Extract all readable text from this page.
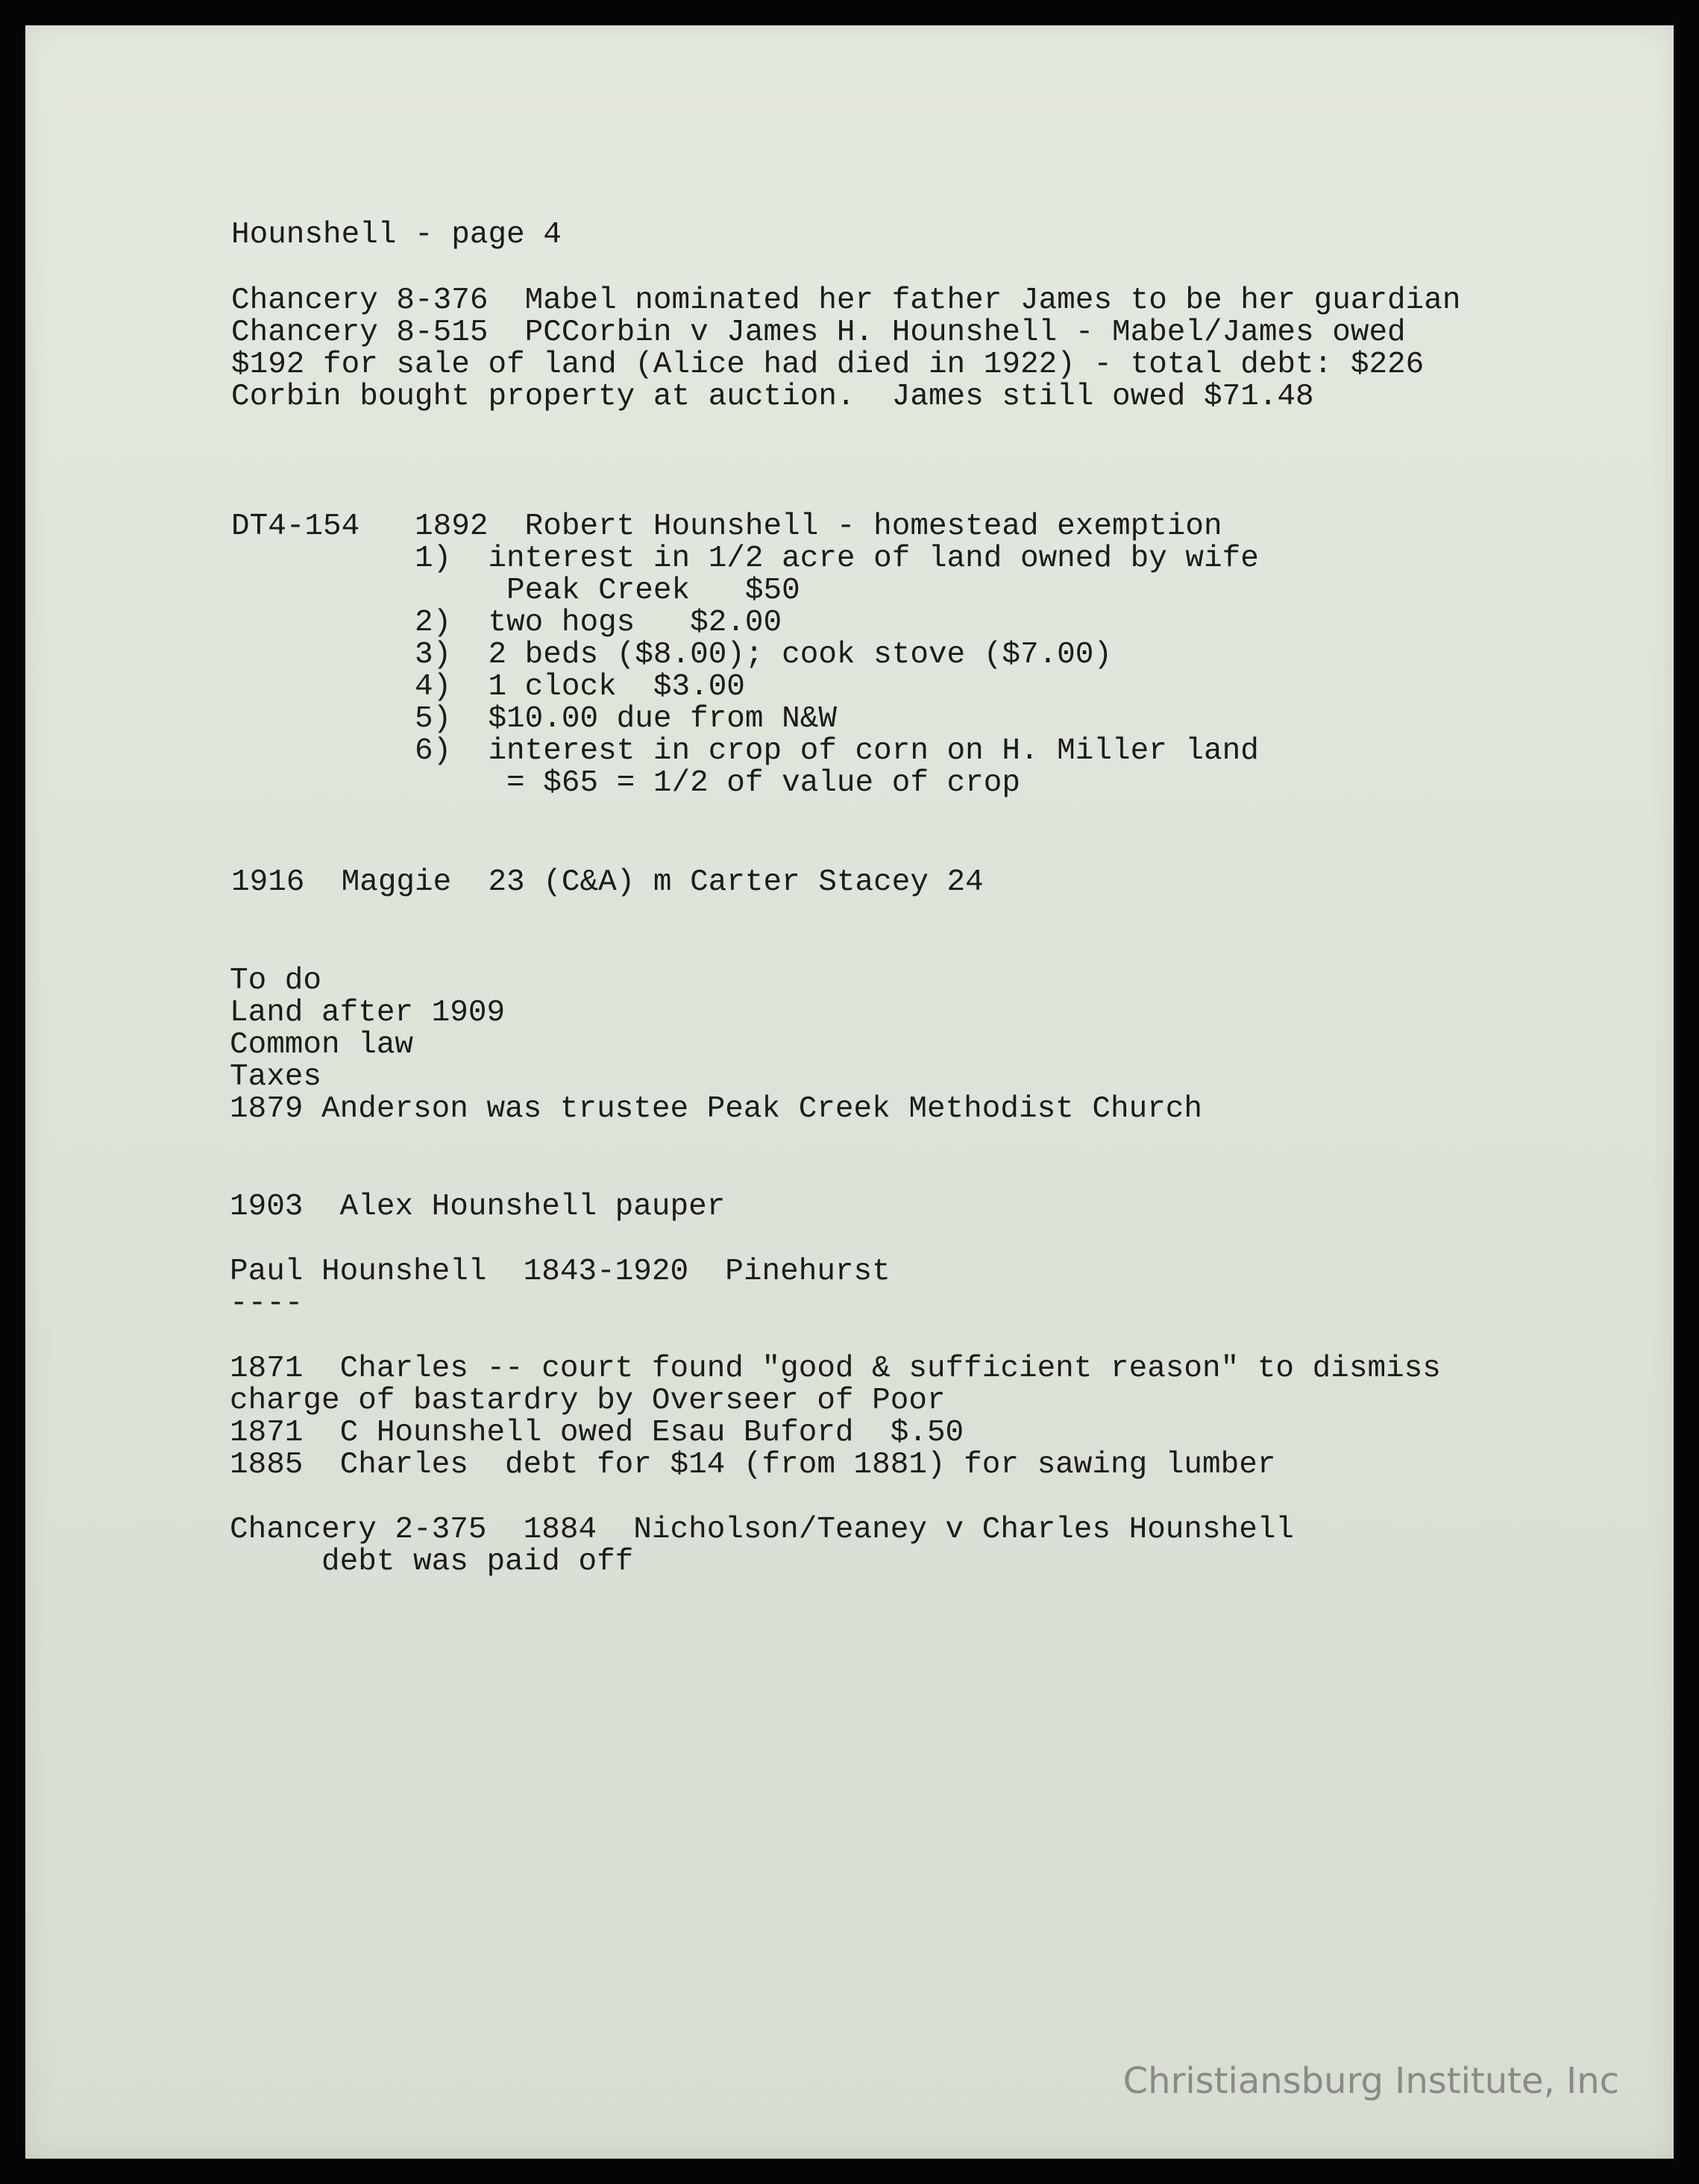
Hounshell - page 4

Chancery 8-376  Mabel nominated her father James to be her guardian

Chancery 8-515  PCCorbin v James H. Hounshell - Mabel/James owed

$192 for sale of land (Alice had died in 1922) - total debt: $226

Corbin bought property at auction.  James still owed $71.48

DT4-154   1892  Robert Hounshell - homestead exemption

1)  interest in 1/2 acre of land owned by wife

Peak Creek   $50

2)  two hogs   $2.00

3)  2 beds ($8.00); cook stove ($7.00)

4)  1 clock  $3.00

5)  $10.00 due from N&W

6)  interest in crop of corn on H. Miller land

= $65 = 1/2 of value of crop

1916  Maggie  23 (C&A) m Carter Stacey 24

To do

Land after 1909

Common law

Taxes

1879 Anderson was trustee Peak Creek Methodist Church

1903  Alex Hounshell pauper

Paul Hounshell  1843-1920  Pinehurst

----

1871  Charles -- court found "good & sufficient reason" to dismiss

charge of bastardry by Overseer of Poor

1871  C Hounshell owed Esau Buford  $.50

1885  Charles  debt for $14 (from 1881) for sawing lumber

Chancery 2-375  1884  Nicholson/Teaney v Charles Hounshell

debt was paid off

Christiansburg Institute, Inc
